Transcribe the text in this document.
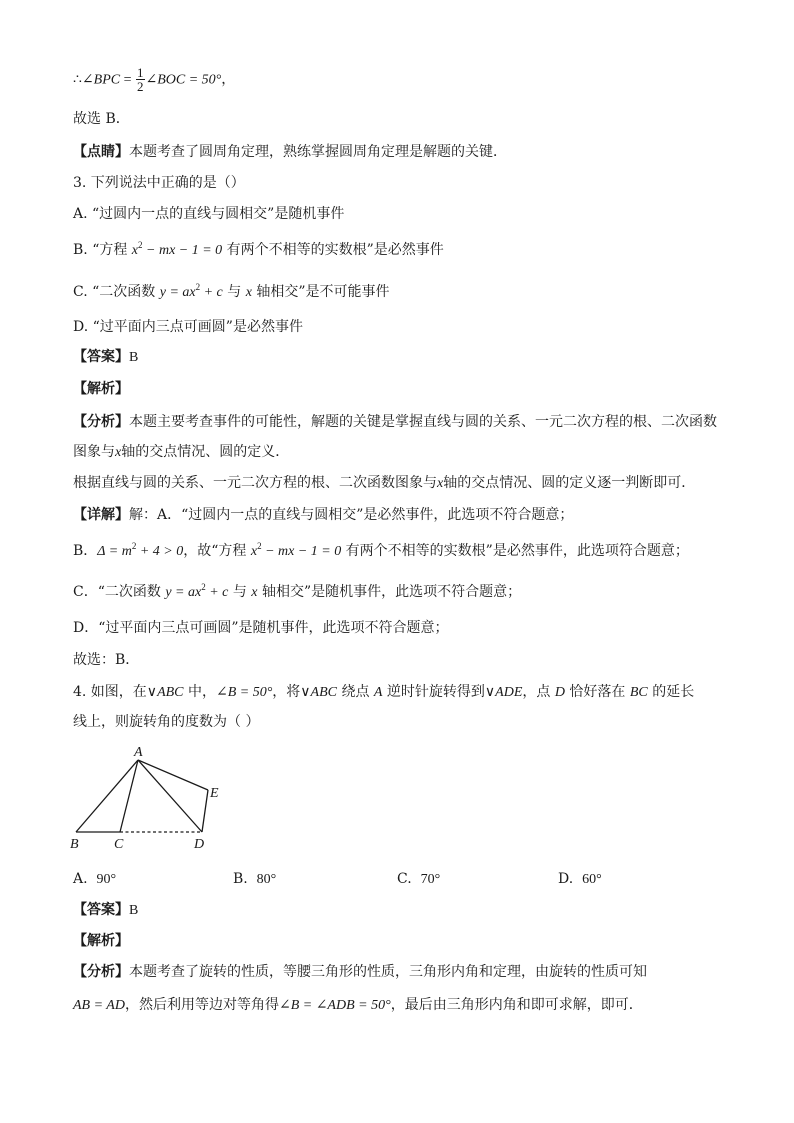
∴∠BPC = $\frac{1}{2}$ ∠BOC = 50°，
故选 B．
【点睛】本题考查了圆周角定理，熟练掌握圆周角定理是解题的关键．
3. 下列说法中正确的是（）
A. “过圆内一点的直线与圆相交”是随机事件
B. “方程 $x^2$ − mx − 1 = 0 有两个不相等的实数根”是必然事件
C. “二次函数 $y = ax^2 + c$ 与 x 轴相交”是不可能事件
D. “过平面内三点可画圆”是必然事件
【答案】B
【解析】
【分析】本题主要考查事件的可能性，解题的关键是掌握直线与圆的关系、一元二次方程的根、二次函数
图象与x轴的交点情况、圆的定义．
根据直线与圆的关系、一元二次方程的根、二次函数图象与x轴的交点情况、圆的定义逐一判断即可．
【详解】解：A．“过圆内一点的直线与圆相交”是必然事件，此选项不符合题意；
B．$\Delta = m^2 + 4 > 0$，故“方程 $x^2$ − mx − 1 = 0 有两个不相等的实数根”是必然事件，此选项符合题意；
C．“二次函数 $y = ax^2 + c$ 与 x 轴相交”是随机事件，此选项不符合题意；
D．“过平面内三点可画圆”是随机事件，此选项不符合题意；
故选：B．
4. 如图，在∨ABC 中，∠B = 50°，将∨ABC 绕点 A 逆时针旋转得到∨ADE，点 D 恰好落在 BC 的延长
线上，则旋转角的度数为（ ）
A
B	C	D
E
A. 90°	B. 80°	C. 70°	D. 60°
【答案】B
【解析】
【分析】本题考查了旋转的性质，等腰三角形的性质，三角形内角和定理，由旋转的性质可知
AB = AD，然后利用等边对等角得∠B = ∠ADB = 50°，最后由三角形内角和即可求解，即可．
